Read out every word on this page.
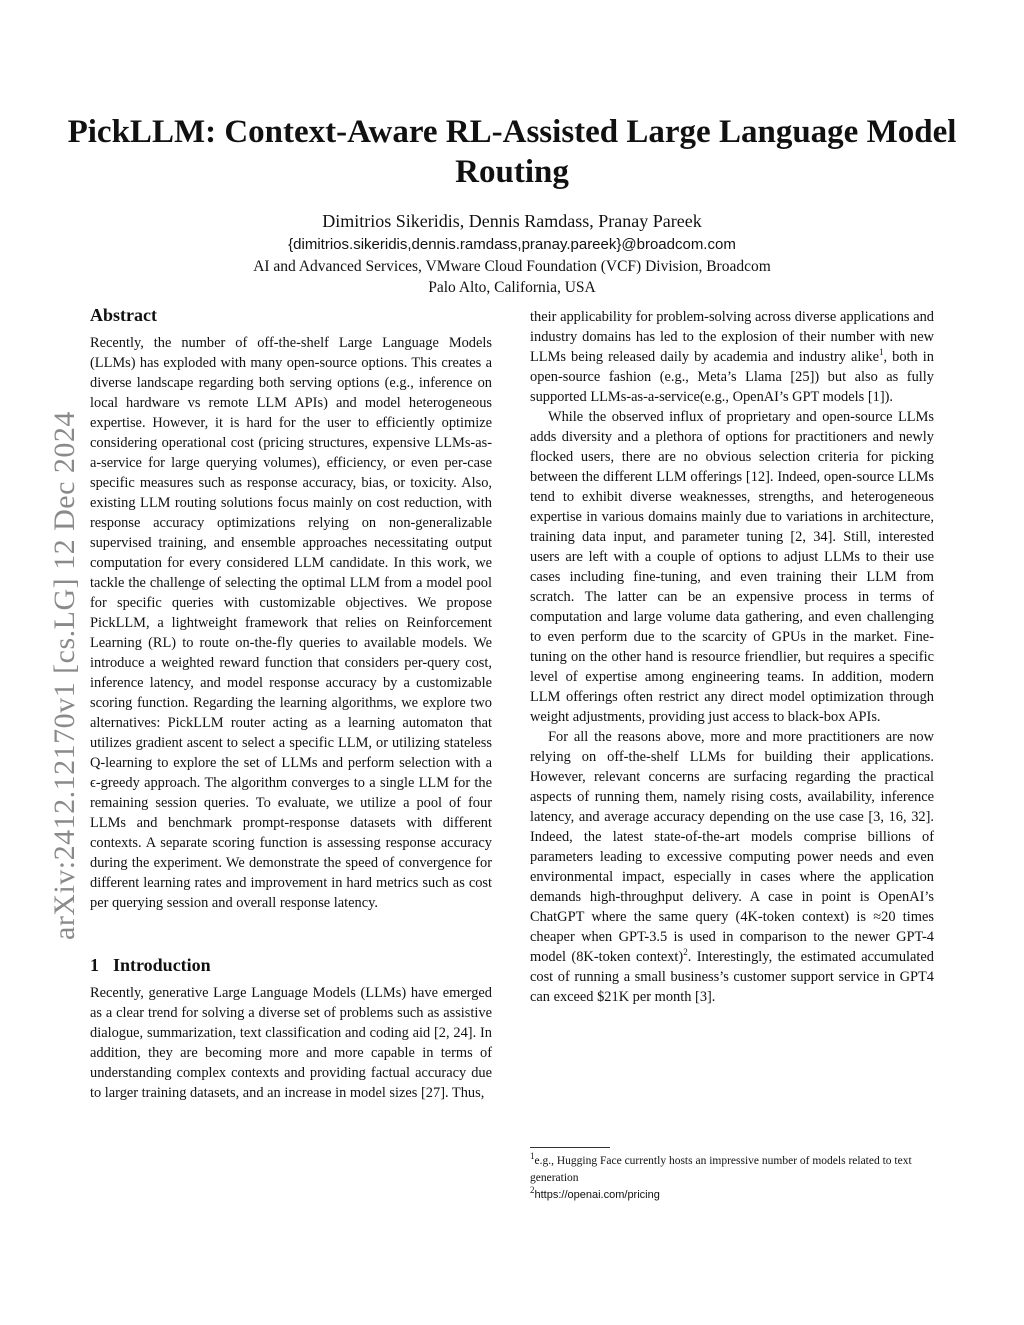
arXiv:2412.12170v1 [cs.LG] 12 Dec 2024
PickLLM: Context-Aware RL-Assisted Large Language Model Routing
Dimitrios Sikeridis, Dennis Ramdass, Pranay Pareek
{dimitrios.sikeridis,dennis.ramdass,pranay.pareek}@broadcom.com
AI and Advanced Services, VMware Cloud Foundation (VCF) Division, Broadcom
Palo Alto, California, USA
Abstract

Recently, the number of off-the-shelf Large Language Models (LLMs) has exploded with many open-source options. This creates a diverse landscape regarding both serving options (e.g., inference on local hardware vs remote LLM APIs) and model heterogeneous expertise. However, it is hard for the user to efficiently optimize considering operational cost (pricing structures, expensive LLMs-as-a-service for large querying volumes), efficiency, or even per-case specific measures such as response accuracy, bias, or toxicity. Also, existing LLM routing solutions focus mainly on cost reduction, with response accuracy optimizations relying on non-generalizable supervised training, and ensemble approaches necessitating output computation for every considered LLM candidate. In this work, we tackle the challenge of selecting the optimal LLM from a model pool for specific queries with customizable objectives. We propose PickLLM, a lightweight framework that relies on Reinforcement Learning (RL) to route on-the-fly queries to available models. We introduce a weighted reward function that considers per-query cost, inference latency, and model response accuracy by a customizable scoring function. Regarding the learning algorithms, we explore two alternatives: PickLLM router acting as a learning automaton that utilizes gradient ascent to select a specific LLM, or utilizing stateless Q-learning to explore the set of LLMs and perform selection with a ϵ-greedy approach. The algorithm converges to a single LLM for the remaining session queries. To evaluate, we utilize a pool of four LLMs and benchmark prompt-response datasets with different contexts. A separate scoring function is assessing response accuracy during the experiment. We demonstrate the speed of convergence for different learning rates and improvement in hard metrics such as cost per querying session and overall response latency.

1 Introduction

Recently, generative Large Language Models (LLMs) have emerged as a clear trend for solving a diverse set of problems such as assistive dialogue, summarization, text classification and coding aid [2, 24]. In addition, they are becoming more and more capable in terms of understanding complex contexts and providing factual accuracy due to larger training datasets, and an increase in model sizes [27]. Thus,

their applicability for problem-solving across diverse applications and industry domains has led to the explosion of their number with new LLMs being released daily by academia and industry alike$^1$, both in open-source fashion (e.g., Meta’s Llama [25]) but also as fully supported LLMs-as-a-service(e.g., OpenAI’s GPT models [1]).

While the observed influx of proprietary and open-source LLMs adds diversity and a plethora of options for practitioners and newly flocked users, there are no obvious selection criteria for picking between the different LLM offerings [12]. Indeed, open-source LLMs tend to exhibit diverse weaknesses, strengths, and heterogeneous expertise in various domains mainly due to variations in architecture, training data input, and parameter tuning [2, 34]. Still, interested users are left with a couple of options to adjust LLMs to their use cases including fine-tuning, and even training their LLM from scratch. The latter can be an expensive process in terms of computation and large volume data gathering, and even challenging to even perform due to the scarcity of GPUs in the market. Fine-tuning on the other hand is resource friendlier, but requires a specific level of expertise among engineering teams. In addition, modern LLM offerings often restrict any direct model optimization through weight adjustments, providing just access to black-box APIs.

For all the reasons above, more and more practitioners are now relying on off-the-shelf LLMs for building their applications. However, relevant concerns are surfacing regarding the practical aspects of running them, namely rising costs, availability, inference latency, and average accuracy depending on the use case [3, 16, 32]. Indeed, the latest state-of-the-art models comprise billions of parameters leading to excessive computing power needs and even environmental impact, especially in cases where the application demands high-throughput delivery. A case in point is OpenAI’s ChatGPT where the same query (4K-token context) is ≈20 times cheaper when GPT-3.5 is used in comparison to the newer GPT-4 model (8K-token context)$^2$. Interestingly, the estimated accumulated cost of running a small business’s customer support service in GPT4 can exceed $21K per month [3].

$^1$e.g., Hugging Face currently hosts an impressive number of models related to text generation

$^2$https://openai.com/pricing
